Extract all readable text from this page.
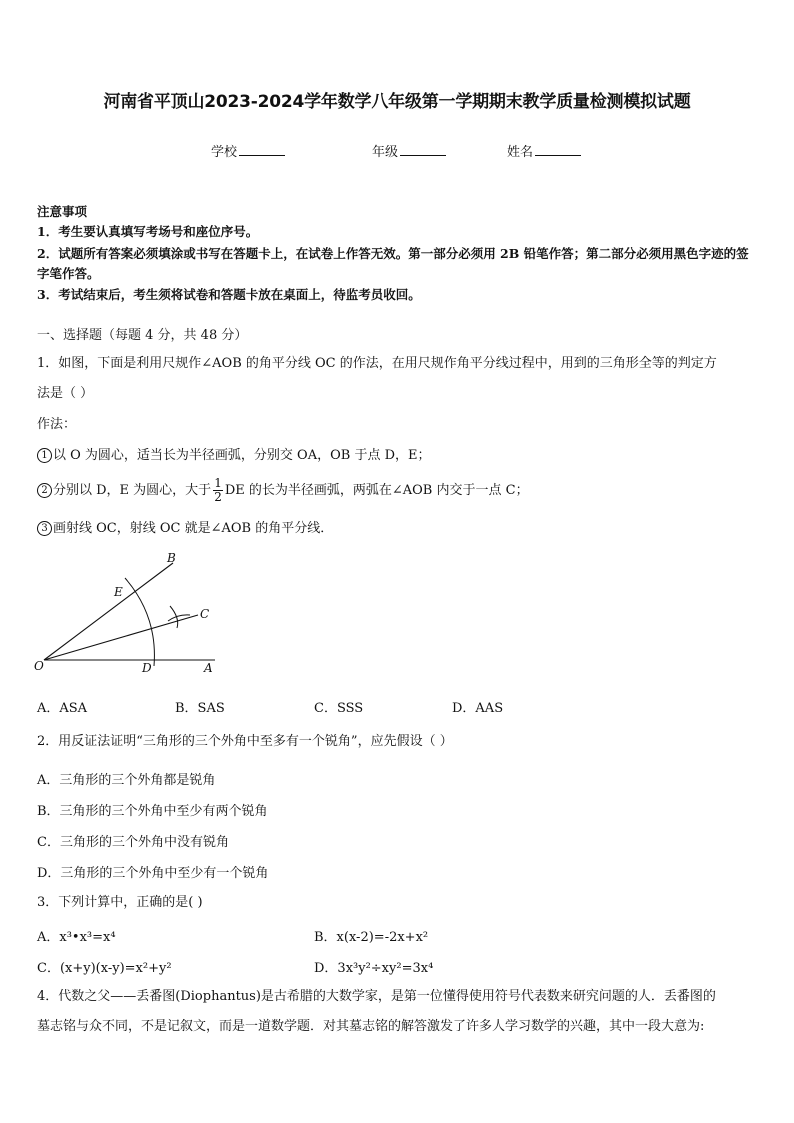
河南省平顶山2023-2024学年数学八年级第一学期期末教学质量检测模拟试题
学校	年级	姓名
注意事项
1．考生要认真填写考场号和座位序号。
2．试题所有答案必须填涂或书写在答题卡上，在试卷上作答无效。第一部分必须用 2B 铅笔作答；第二部分必须用黑色字迹的签字笔作答。
3．考试结束后，考生须将试卷和答题卡放在桌面上，待监考员收回。
一、选择题（每题 4 分，共 48 分）
1．如图，下面是利用尺规作∠AOB 的角平分线 OC 的作法，在用尺规作角平分线过程中，用到的三角形全等的判定方
法是（ ）
作法：
1 以 O 为圆心，适当长为半径画弧，分别交 OA，OB 于点 D，E；
2 分别以 D，E 为圆心，大于 $\frac{1}{2}$ DE 的长为半径画弧，两弧在∠AOB 内交于一点 C；
3 画射线 OC，射线 OC 就是∠AOB 的角平分线．
O	A
B
C
D
E
A．ASA	B．SAS	C．SSS	D．AAS
2．用反证法证明“三角形的三个外角中至多有一个锐角”，应先假设（ ）
A．三角形的三个外角都是锐角
B．三角形的三个外角中至少有两个锐角
C．三角形的三个外角中没有锐角
D．三角形的三个外角中至少有一个锐角
3．下列计算中，正确的是( )
A．x³•x³=x⁴	B．x(x-2)=-2x+x²
C．(x+y)(x-y)=x²+y²	D．3x³y²÷xy²=3x⁴
4．代数之父——丢番图(Diophantus)是古希腊的大数学家，是第一位懂得使用符号代表数来研究问题的人．丢番图的
墓志铭与众不同，不是记叙文，而是一道数学题．对其墓志铭的解答激发了许多人学习数学的兴趣，其中一段大意为:
